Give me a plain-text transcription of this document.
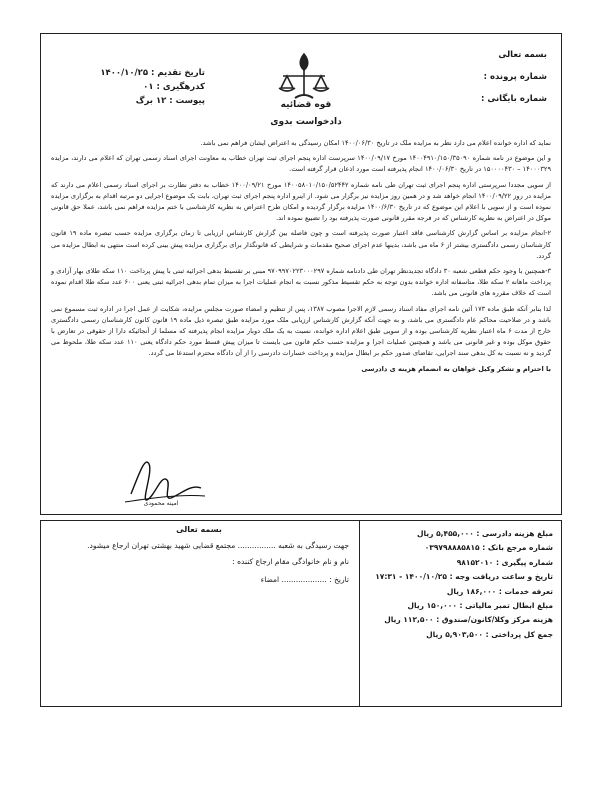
بسمه تعالی
شماره پرونده :
شماره بایگانی :
قوه قضائیه
دادخواست بدوی
تاریخ تقدیم : ۱۴۰۰/۱۰/۲۵
کدرهگیری : ۰۱
پیوست : ۱۲ برگ

نماید که اداره خوانده اعلام می دارد نظر به مزایده ملک در تاریخ ۱۴۰۰/۰۶/۳۰ امکان رسیدگی به اعتراض ایشان فراهم نمی باشد.

و این موضوع در نامه شماره ۱۴۰۰۴۹۱۰/۱۵۰/۳۵۰۹۰ مورخ ۱۴۰۰/۰۹/۱۷ سرپرست اداره پنجم اجرای ثبت تهران خطاب به معاونت اجرای اسناد رسمی تهران که اعلام می دارند، مزایده ۱۴۰۰۰۳۲۹ – ۱۵۰۰۰۰۴۳۰ در تاریخ ۱۴۰۰/۰۶/۳۰ انجام پذیرفته است مورد اذعان قرار گرفته است.

از سویی مجددا سرپرستی اداره پنجم اجرای ثبت تهران طی نامه شماره ۱۴۰۰۵۸۰۱۰/۱۵۰/۵۲۴۴۲ مورخ ۱۴۰۰/۰۹/۲۱ خطاب به دفتر نظارت بر اجرای اسناد رسمی اعلام می دارند که مزایده در روز ۱۴۰۰/۰۹/۲۲ انجام خواهد شد و در همین روز مزایده نیز برگزار می شود. از اینرو اداره پنجم اجرای ثبت تهران، بابت یک موضوع اجرایی دو مرتبه اقدام به برگزاری مزایده نموده است و از سویی با اعلام این موضوع که در تاریخ ۱۴۰۰/۶/۳۰ مزایده برگزار گردیده و امکان طرح اعتراض به نظریه کارشناسی با ختم مزایده فراهم نمی باشد، عملا حق قانونی موکل در اعتراض به نظریه کارشناس که در فرجه مقرر قانونی صورت پذیرفته بود را تضییع نموده اند.

۲-انجام مزایده بر اساس گزارش کارشناسی فاقد اعتبار صورت پذیرفته است و چون فاصله بین گزارش کارشناس ارزیابی تا زمان برگزاری مزایده حسب تبصره ماده ۱۹ قانون کارشناسان رسمی دادگستری بیشتر از ۶ ماه می باشد، بدینها عدم اجرای صحیح مقدمات و شرایطی که قانونگذار برای برگزاری مزایده پیش بینی کرده است منتهی به ابطال مزایده می گردد.

۳-همچنین با وجود حکم قطعی شعبه ۳۰ دادگاه تجدیدنظر تهران طی دادنامه شماره ۹۷۰۹۹۷۰۲۲۳۰۰۰۲۹۷ مبنی بر تقسیط بدهی اجرائیه ثبتی با پیش پرداخت ۱۱۰ سکه طلای بهار آزادی و پرداخت ماهانه ۲ سکه طلا، متاسفانه اداره خوانده بدون توجه به حکم تقسیط مذکور نسبت به انجام عملیات اجرا به میزان تمام بدهی اجرائیه ثبتی یعنی ۶۰۰ عدد سکه طلا اقدام نموده است که خلاف مقرره های قانونی می باشد.

لذا بنابر آنکه طبق ماده ۱۷۳ آئین نامه اجرای مفاد اسناد رسمی لازم الاجرا مصوب ۱۳۸۷، پس از تنظیم و امضاء صورت مجلس مزایده، شکایت از عمل اجرا در اداره ثبت مسموع نمی باشد و در صلاحیت محاکم عام دادگستری می باشد، و به جهت آنکه گزارش کارشناس ارزیابی ملک مورد مزایده طبق تبصره ذیل ماده ۱۹ قانون کانون کارشناسان رسمی دادگستری خارج از مدت ۶ ماه اعتبار نظریه کارشناسی بوده و از سویی طبق اعلام اداره خوانده، نسبت به یک ملک دوبار مزایده انجام پذیرفته که مسلما از آنجائیکه دارا از حقوقی در تعارض با حقوق موکل بوده و غیر قانونی می باشد و همچنین عملیات اجرا و مزایده حسب حکم قانون می بایست تا میزان پیش قسط مورد حکم دادگاه یعنی ۱۱۰ عدد سکه طلا، ملحوظ می گردید و نه نسبت به کل بدهی سند اجرایی، تقاضای صدور حکم بر ابطال مزایده و پرداخت خسارات دادرسی را از آن دادگاه محترم استدعا می گردد.

با احترام و تشکر وکیل خواهان به انضمام هزینه ی دادرسی

امینه محمودی
مبلغ هزینه دادرسی : ۵,۴۵۵,۰۰۰ ریال
شماره مرجع بانک : ۰۳۹۷۹۸۸۸۵۸۱۵
شماره پیگیری : ۹۸۱۵۲۰۱۰
تاریخ و ساعت دریافت وجه : ۱۴۰۰/۱۰/۲۵ - ۱۷:۳۱
تعرفه خدمات : ۱۸۶,۰۰۰ ریال
مبلغ ابطال تمبر مالیاتی : ۱۵۰,۰۰۰ ریال
هزینه مرکز وکلا/کانون/صندوق : ۱۱۲,۵۰۰ ریال
جمع کل پرداختی : ۵,۹۰۳,۵۰۰ ریال
بسمه تعالی
جهت رسیدگی به شعبه ................ مجتمع قضایی شهید بهشتی تهران ارجاع میشود.
نام و نام خانوادگی مقام ارجاع کننده :
تاریخ : ................... امضاء
